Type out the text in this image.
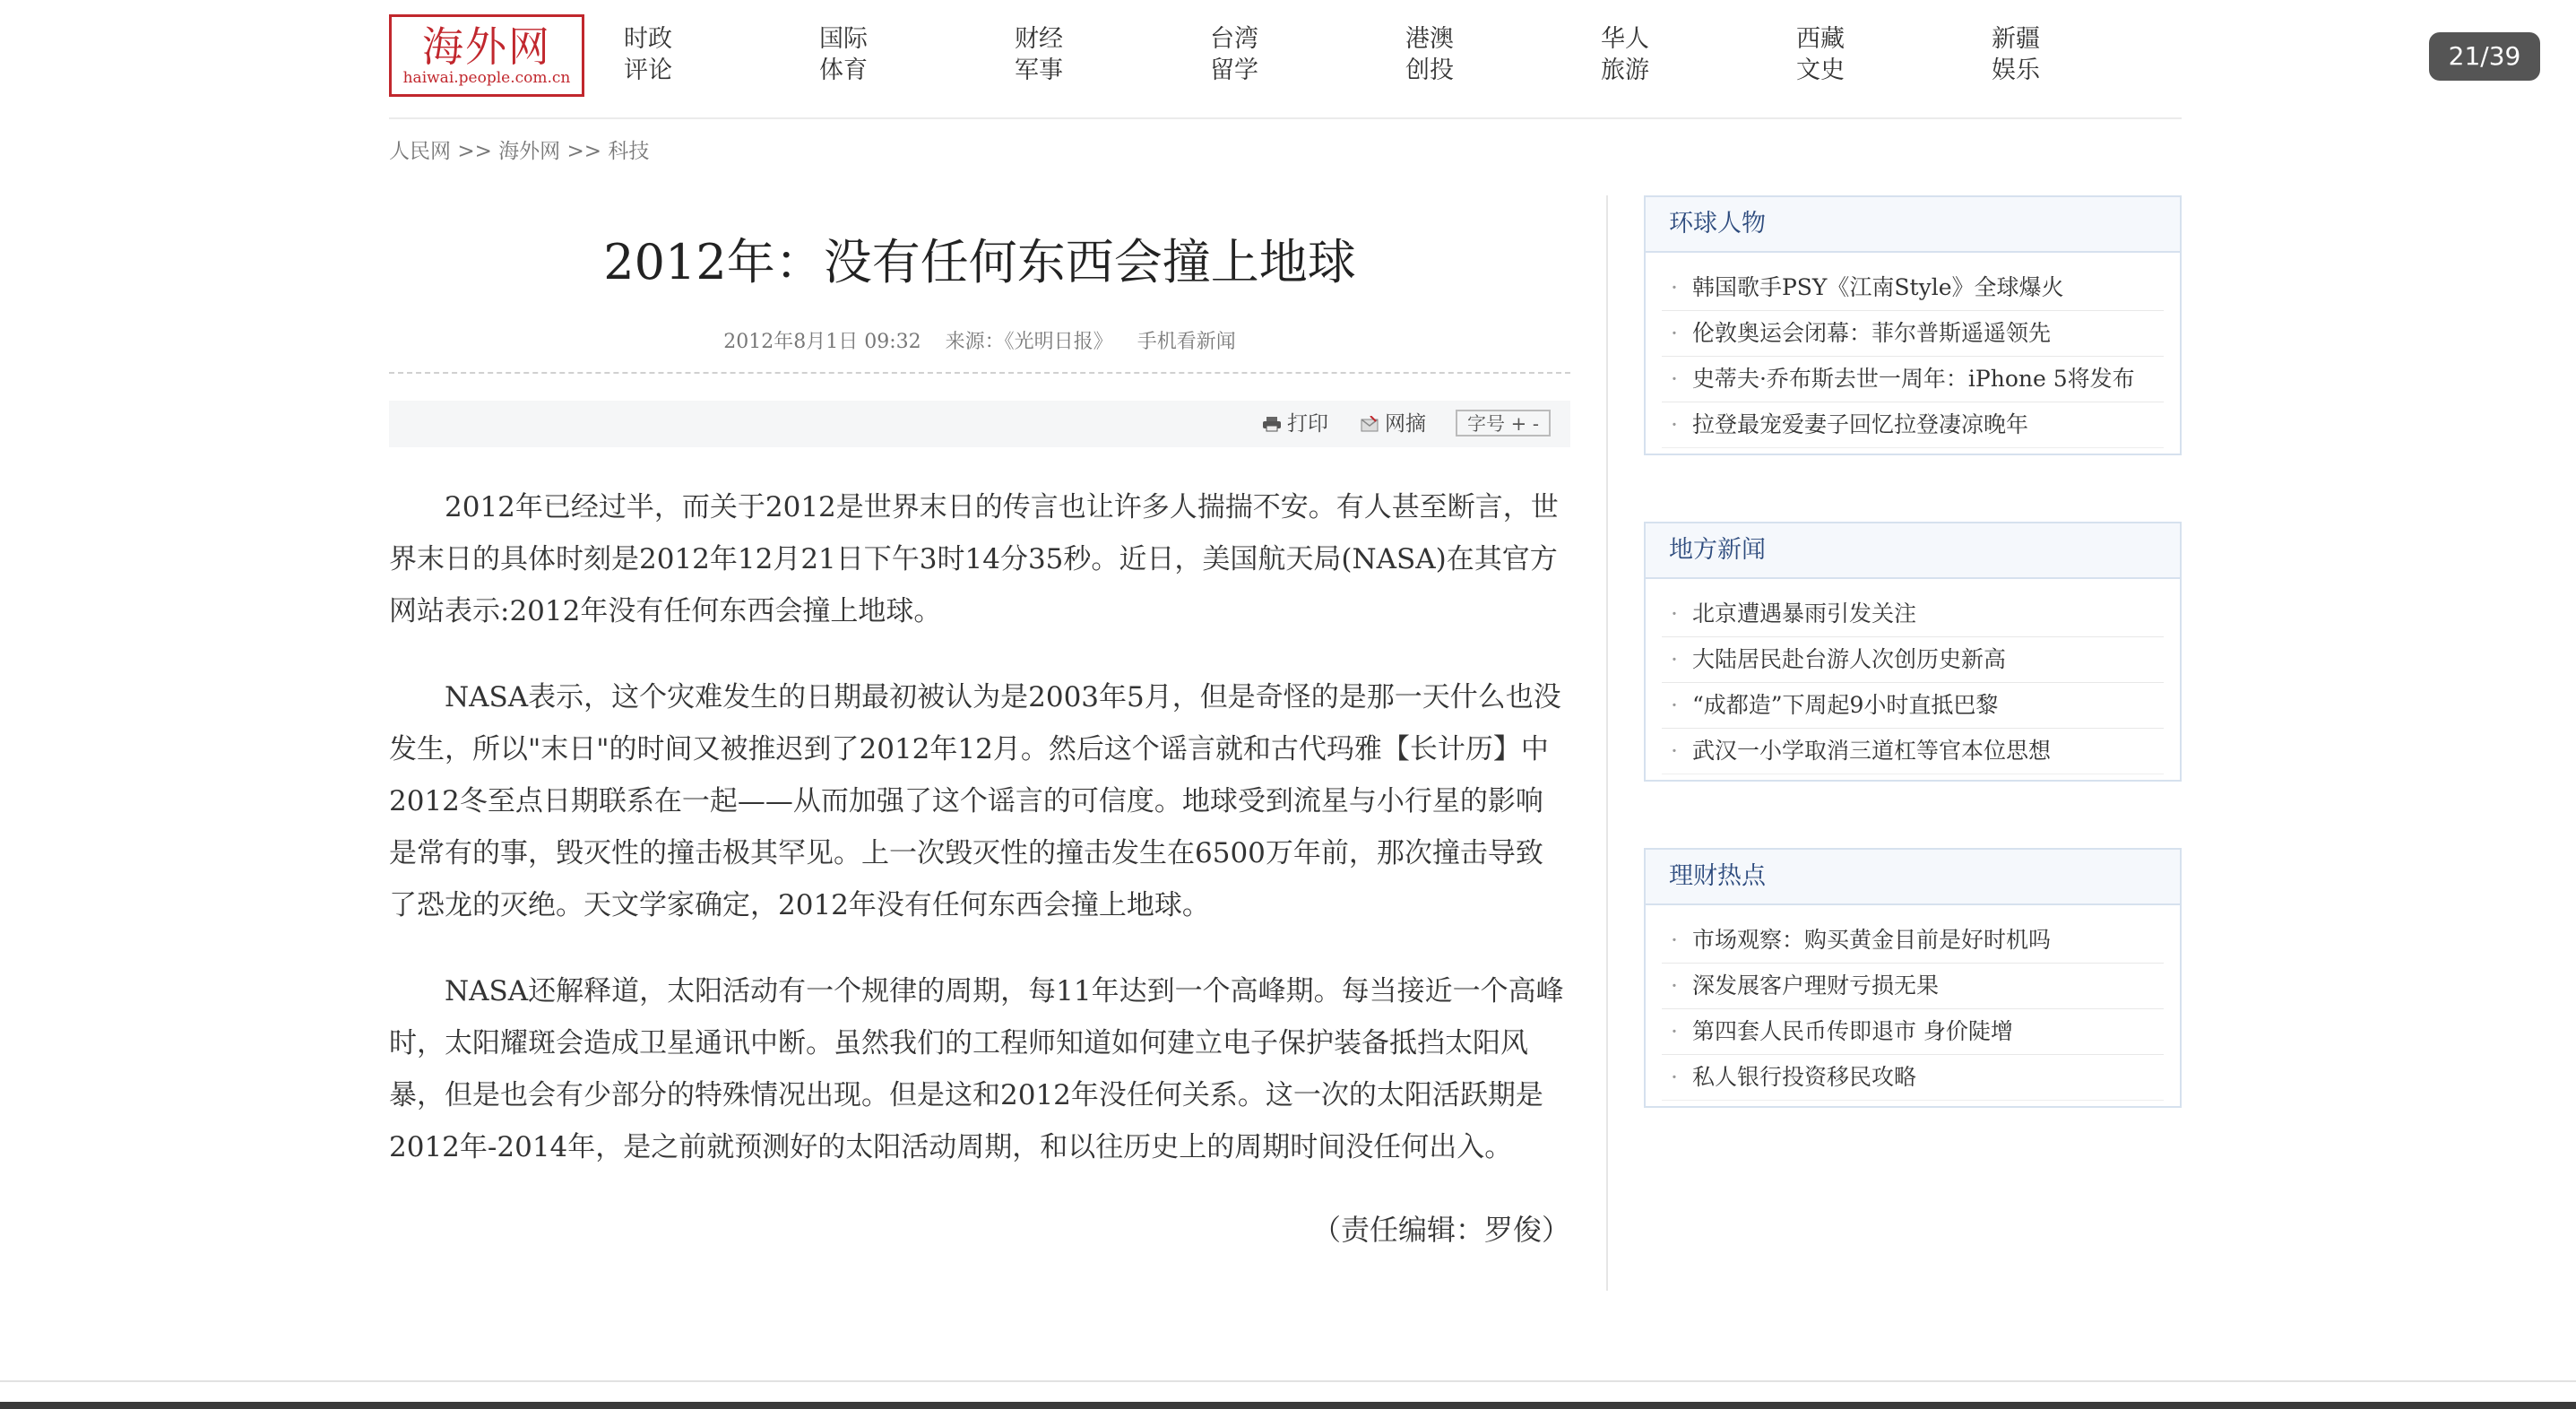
21/39
海外网
haiwai.people.com.cn
时政
评论
国际
体育
财经
军事
台湾
留学
港澳
创投
华人
旅游
西藏
文史
新疆
娱乐
人民网 >> 海外网 >> 科技
2012年：没有任何东西会撞上地球
2012年8月1日 09:32 来源：《光明日报》 手机看新闻
打印	网摘	字号 + -

2012年已经过半，而关于2012是世界末日的传言也让许多人揣揣不安。有人甚至断言，世界末日的具体时刻是2012年12月21日下午3时14分35秒。近日，美国航天局(NASA)在其官方网站表示:2012年没有任何东西会撞上地球。

NASA表示，这个灾难发生的日期最初被认为是2003年5月，但是奇怪的是那一天什么也没发生，所以"末日"的时间又被推迟到了2012年12月。然后这个谣言就和古代玛雅【长计历】中2012冬至点日期联系在一起——从而加强了这个谣言的可信度。地球受到流星与小行星的影响是常有的事，毁灭性的撞击极其罕见。上一次毁灭性的撞击发生在6500万年前，那次撞击导致了恐龙的灭绝。天文学家确定，2012年没有任何东西会撞上地球。

NASA还解释道，太阳活动有一个规律的周期，每11年达到一个高峰期。每当接近一个高峰时，太阳耀斑会造成卫星通讯中断。虽然我们的工程师知道如何建立电子保护装备抵挡太阳风暴，但是也会有少部分的特殊情况出现。但是这和2012年没任何关系。这一次的太阳活跃期是2012年-2014年，是之前就预测好的太阳活动周期，和以往历史上的周期时间没任何出入。

（责任编辑：罗俊）
环球人物
· 韩国歌手PSY《江南Style》全球爆火
· 伦敦奥运会闭幕：菲尔普斯遥遥领先
· 史蒂夫·乔布斯去世一周年：iPhone 5将发布
· 拉登最宠爱妻子回忆拉登凄凉晚年
地方新闻
· 北京遭遇暴雨引发关注
· 大陆居民赴台游人次创历史新高
· “成都造”下周起9小时直抵巴黎
· 武汉一小学取消三道杠等官本位思想
理财热点
· 市场观察：购买黄金目前是好时机吗
· 深发展客户理财亏损无果
· 第四套人民币传即退市 身价陡增
· 私人银行投资移民攻略
